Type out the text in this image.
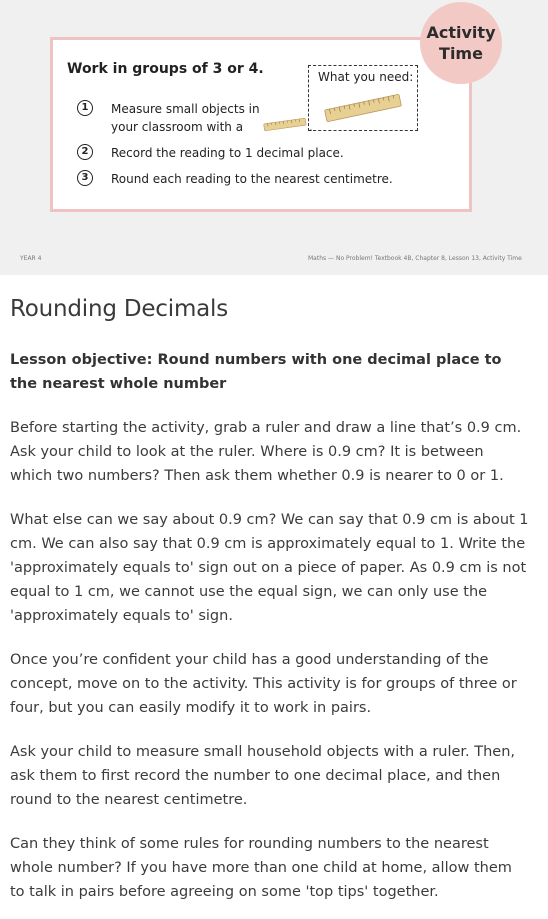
Work in groups of 3 or 4.	What you need:
1	Measure small objects in
your classroom with a	.
2	Record the reading to 1 decimal place.
3	Round each reading to the nearest centimetre.
Activity
Time
YEAR 4	Maths — No Problem! Textbook 4B, Chapter 8, Lesson 13, Activity Time
Rounding Decimals
Lesson objective: Round numbers with one decimal place to the nearest whole number

Before starting the activity, grab a ruler and draw a line that’s 0.9 cm. Ask your child to look at the ruler. Where is 0.9 cm? It is between which two numbers? Then ask them whether 0.9 is nearer to 0 or 1.

What else can we say about 0.9 cm? We can say that 0.9 cm is about 1 cm. We can also say that 0.9 cm is approximately equal to 1. Write the 'approximately equals to' sign out on a piece of paper. As 0.9 cm is not equal to 1 cm, we cannot use the equal sign, we can only use the 'approximately equals to' sign.

Once you’re confident your child has a good understanding of the concept, move on to the activity. This activity is for groups of three or four, but you can easily modify it to work in pairs.

Ask your child to measure small household objects with a ruler. Then, ask them to first record the number to one decimal place, and then round to the nearest centimetre.

Can they think of some rules for rounding numbers to the nearest whole number? If you have more than one child at home, allow them to talk in pairs before agreeing on some 'top tips' together.
